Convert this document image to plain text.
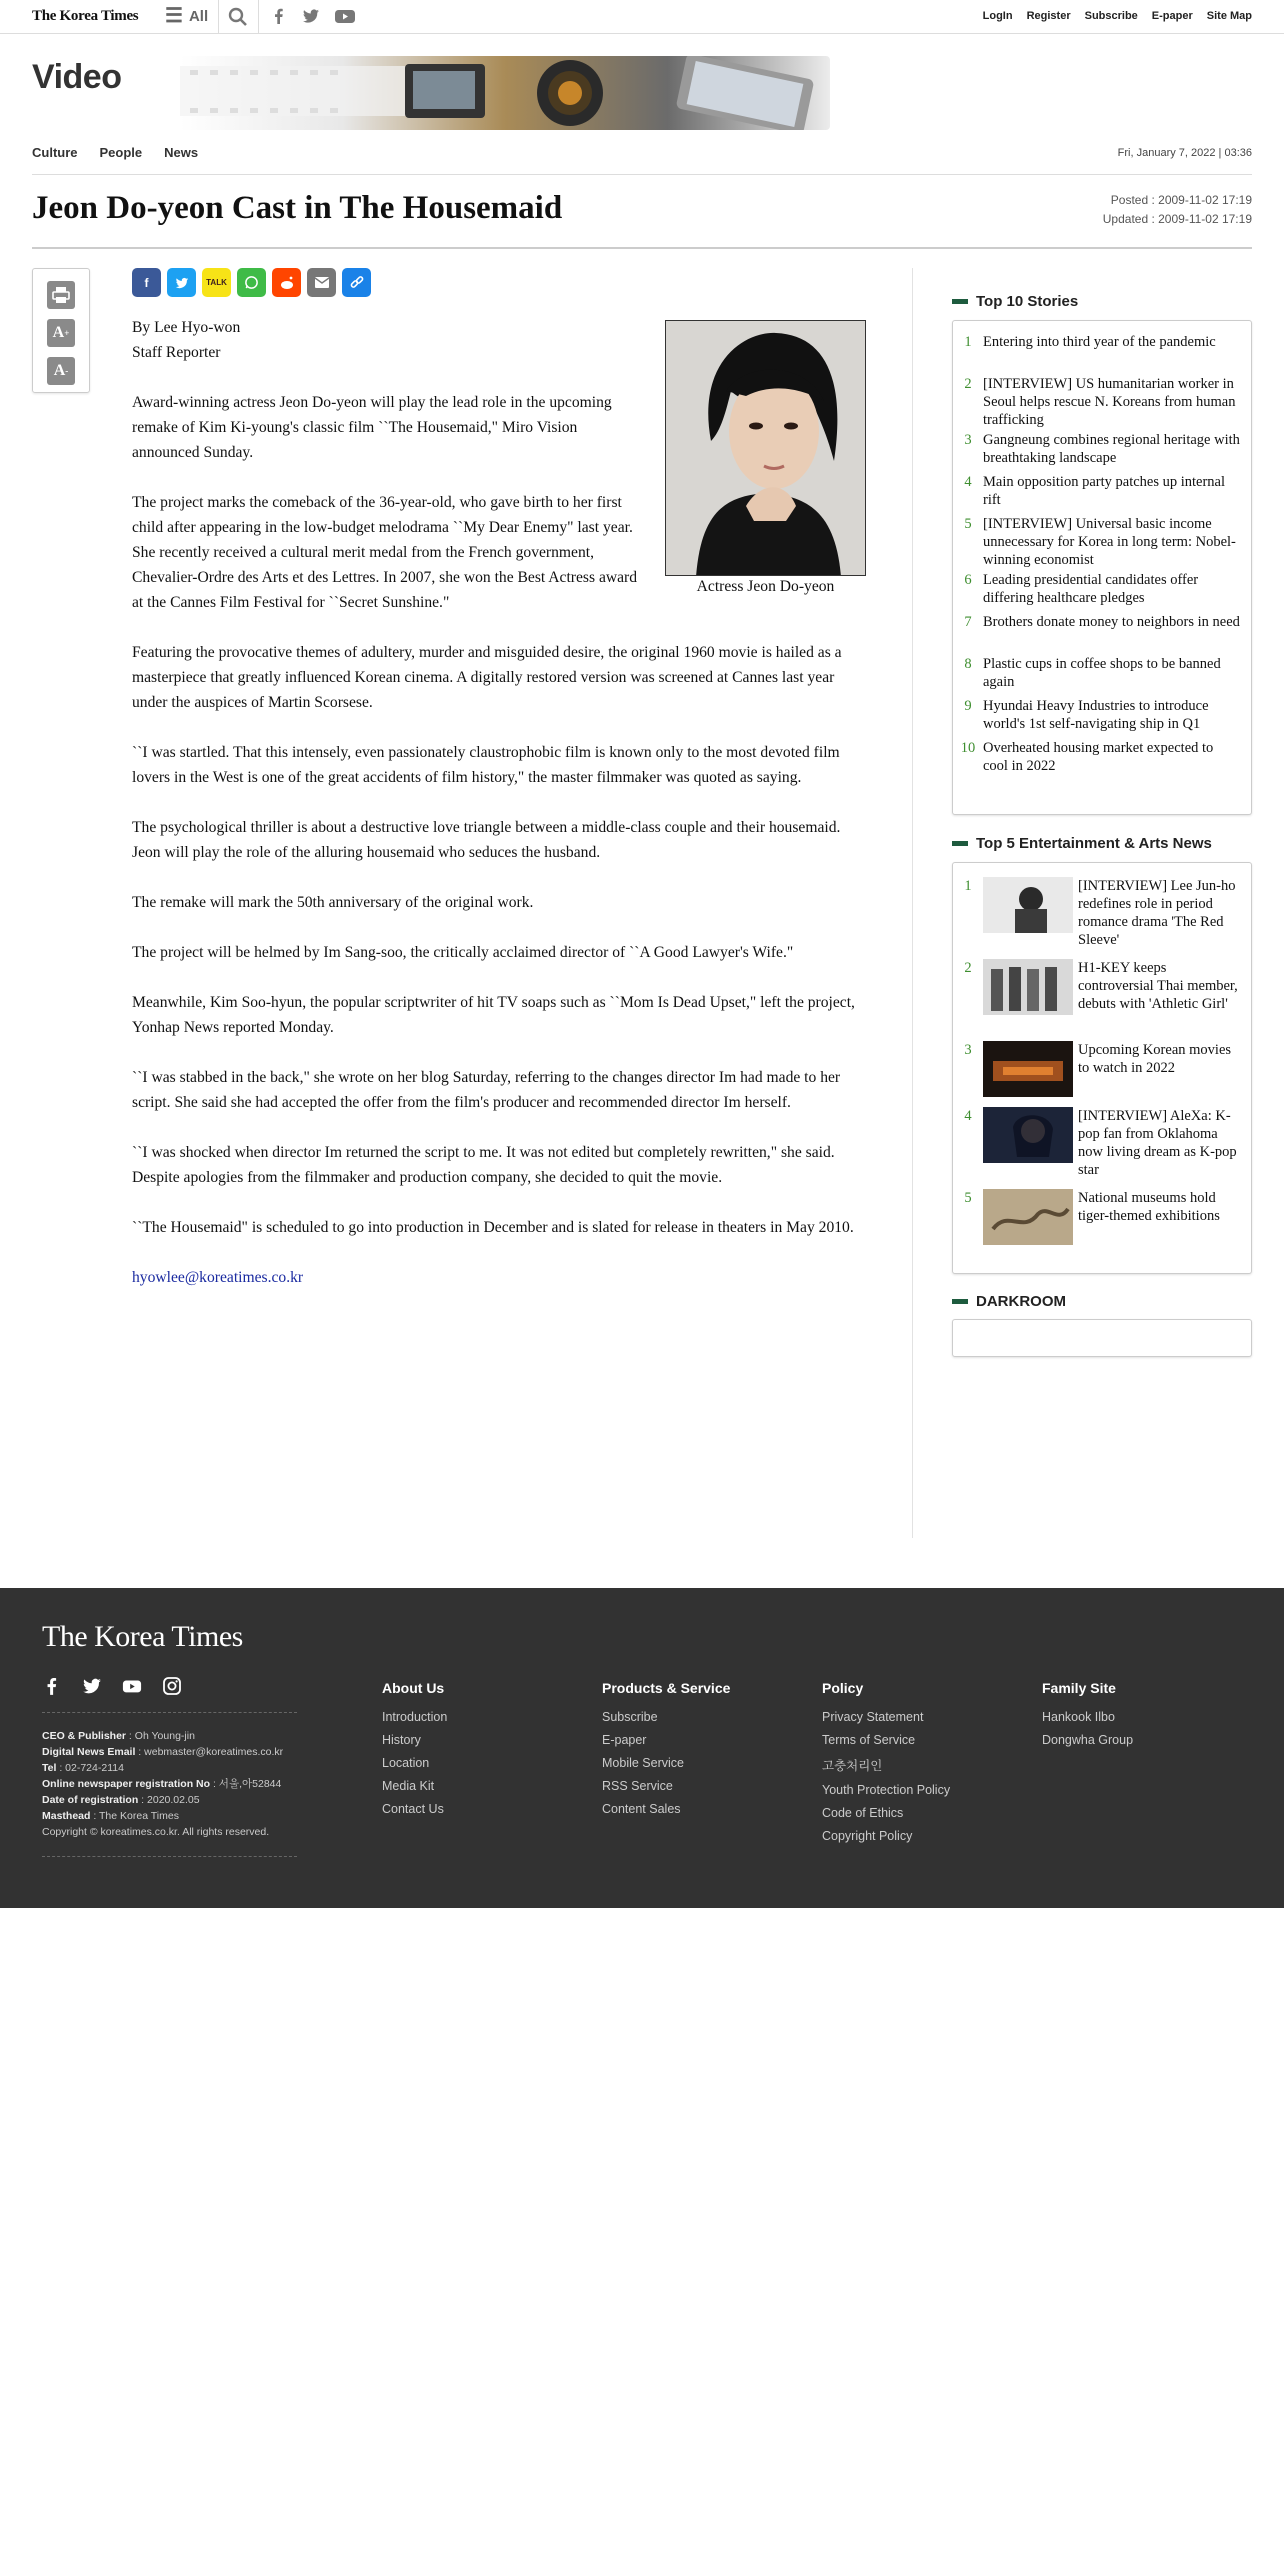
The Korea Times ☰ All	LogIn Register Subscribe E-paper Site Map
Video
Culture People News	Fri, January 7, 2022 | 03:36
Jeon Do-yeon Cast in The Housemaid	Posted : 2009-11-02 17:19
Updated : 2009-11-02 17:19
A +
A -
f	TALK
Actress Jeon Do-yeon
By Lee Hyo-won
Staff Reporter

Award-winning actress Jeon Do-yeon will play the lead role in the upcoming remake of Kim Ki-young's classic film ``The Housemaid," Miro Vision announced Sunday.

The project marks the comeback of the 36-year-old, who gave birth to her first child after appearing in the low-budget melodrama ``My Dear Enemy" last year. She recently received a cultural merit medal from the French government, Chevalier-Ordre des Arts et des Lettres. In 2007, she won the Best Actress award at the Cannes Film Festival for ``Secret Sunshine."

Featuring the provocative themes of adultery, murder and misguided desire, the original 1960 movie is hailed as a masterpiece that greatly influenced Korean cinema. A digitally restored version was screened at Cannes last year under the auspices of Martin Scorsese.

``I was startled. That this intensely, even passionately claustrophobic film is known only to the most devoted film lovers in the West is one of the great accidents of film history," the master filmmaker was quoted as saying.

The psychological thriller is about a destructive love triangle between a middle-class couple and their housemaid. Jeon will play the role of the alluring housemaid who seduces the husband.

The remake will mark the 50th anniversary of the original work.

The project will be helmed by Im Sang-soo, the critically acclaimed director of ``A Good Lawyer's Wife."

Meanwhile, Kim Soo-hyun, the popular scriptwriter of hit TV soaps such as ``Mom Is Dead Upset," left the project, Yonhap News reported Monday.

``I was stabbed in the back," she wrote on her blog Saturday, referring to the changes director Im had made to her script. She said she had accepted the offer from the film's producer and recommended director Im herself.

``I was shocked when director Im returned the script to me. It was not edited but completely rewritten," she said. Despite apologies from the filmmaker and production company, she decided to quit the movie.

``The Housemaid" is scheduled to go into production in December and is slated for release in theaters in May 2010.

hyowlee@koreatimes.co.kr

Top 10 Stories
1 Entering into third year of the pandemic
2 [INTERVIEW] US humanitarian worker in Seoul helps rescue N. Koreans from human trafficking
3 Gangneung combines regional heritage with breathtaking landscape
4 Main opposition party patches up internal rift
5 [INTERVIEW] Universal basic income unnecessary for Korea in long term: Nobel-winning economist
6 Leading presidential candidates offer differing healthcare pledges
7 Brothers donate money to neighbors in need
8 Plastic cups in coffee shops to be banned again
9 Hyundai Heavy Industries to introduce world's 1st self-navigating ship in Q1
10 Overheated housing market expected to cool in 2022
Top 5 Entertainment & Arts News
1	[INTERVIEW] Lee Jun-ho redefines role in period romance drama 'The Red Sleeve'
2	H1-KEY keeps controversial Thai member, debuts with 'Athletic Girl'
3	Upcoming Korean movies to watch in 2022
4	[INTERVIEW] AleXa: K-pop fan from Oklahoma now living dream as K-pop star
5	National museums hold tiger-themed exhibitions
DARKROOM
The Korea Times
CEO & Publisher : Oh Young-jin
Digital News Email : webmaster@koreatimes.co.kr
Tel : 02-724-2114
Online newspaper registration No : 서울,아52844
Date of registration : 2020.02.05
Masthead : The Korea Times
Copyright © koreatimes.co.kr. All rights reserved.
About Us
Introduction
History
Location
Media Kit
Contact Us
Products & Service
Subscribe
E-paper
Mobile Service
RSS Service
Content Sales
Policy
Privacy Statement
Terms of Service
고충처리인
Youth Protection Policy
Code of Ethics
Copyright Policy
Family Site
Hankook Ilbo
Dongwha Group
